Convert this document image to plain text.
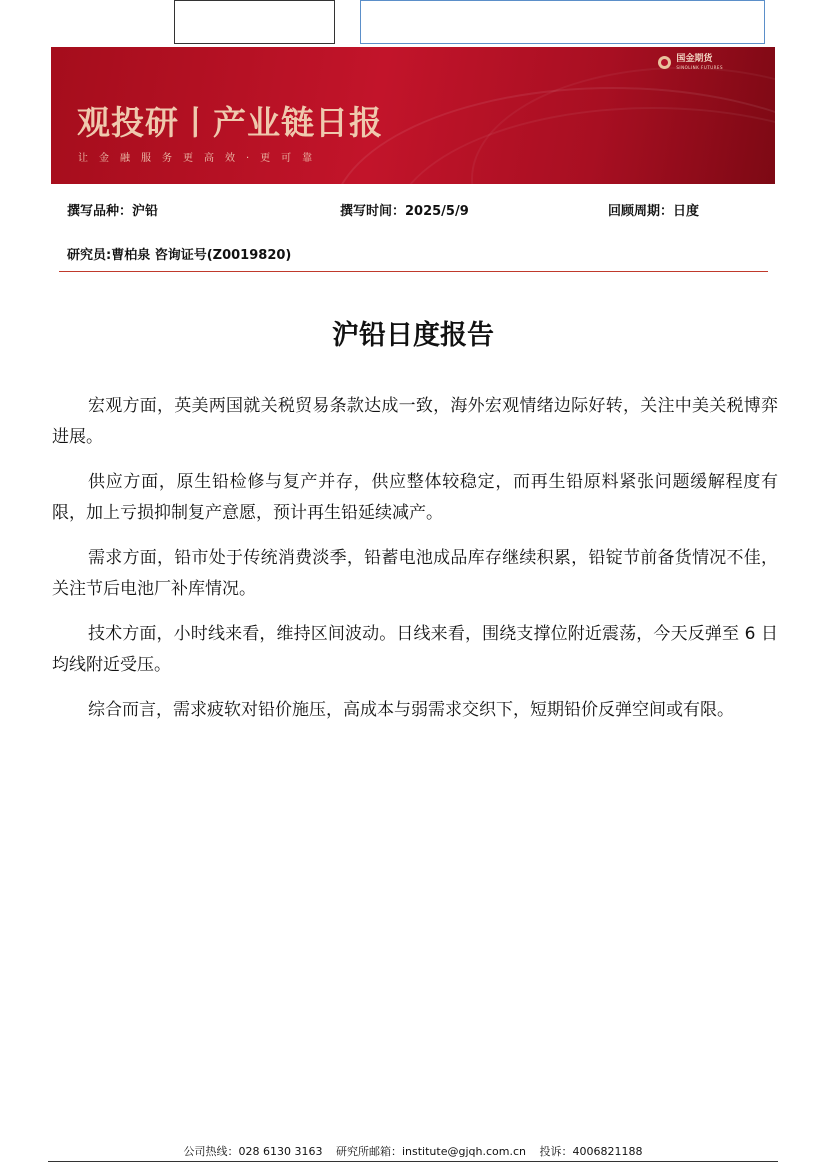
国金期货
SINOLINK FUTURES
观投研丨产业链日报
让金融服务更高效·更可靠
撰写品种：沪铅	撰写时间：2025/5/9	回顾周期：日度
研究员:曹柏泉 咨询证号(Z0019820)
沪铅日度报告

宏观方面，英美两国就关税贸易条款达成一致，海外宏观情绪边际好转，关注中美关税博弈进展。

供应方面，原生铅检修与复产并存，供应整体较稳定，而再生铅原料紧张问题缓解程度有限，加上亏损抑制复产意愿，预计再生铅延续减产。

需求方面，铅市处于传统消费淡季，铅蓄电池成品库存继续积累，铅锭节前备货情况不佳，关注节后电池厂补库情况。

技术方面，小时线来看，维持区间波动。日线来看，围绕支撑位附近震荡，今天反弹至 6 日均线附近受压。

综合而言，需求疲软对铅价施压，高成本与弱需求交织下，短期铅价反弹空间或有限。

公司热线：028 6130 3163 研究所邮箱：institute@gjqh.com.cn 投诉：4006821188
